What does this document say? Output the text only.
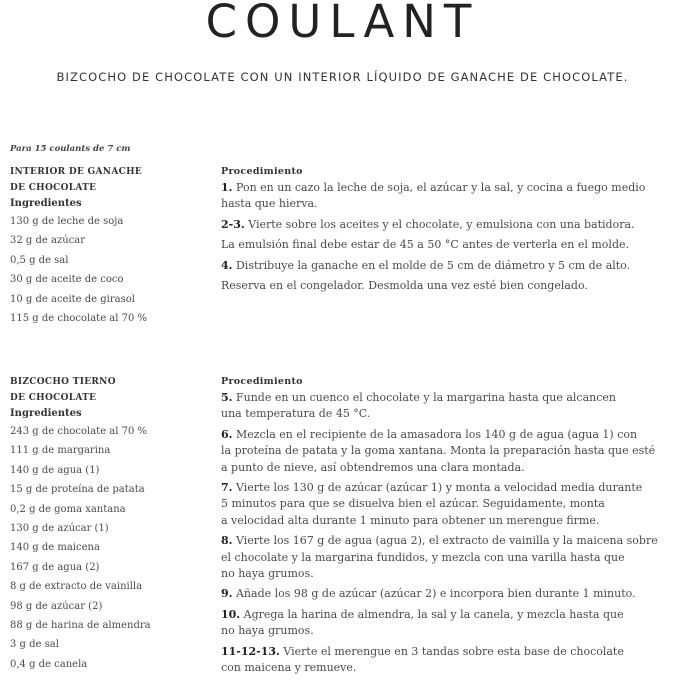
COULANT
BIZCOCHO DE CHOCOLATE CON UN INTERIOR LÍQUIDO DE GANACHE DE CHOCOLATE.
Para 15 coulants de 7 cm
INTERIOR DE GANACHE
DE CHOCOLATE
Ingredientes
130 g de leche de soja
32 g de azúcar
0,5 g de sal
30 g de aceite de coco
10 g de aceite de girasol
115 g de chocolate al 70 %
Procedimiento
1. Pon en un cazo la leche de soja, el azúcar y la sal, y cocina a fuego medio
hasta que hierva.
2-3. Vierte sobre los aceites y el chocolate, y emulsiona con una batidora.
La emulsión final debe estar de 45 a 50 °C antes de verterla en el molde.
4. Distribuye la ganache en el molde de 5 cm de diámetro y 5 cm de alto.
Reserva en el congelador. Desmolda una vez esté bien congelado.
BIZCOCHO TIERNO
DE CHOCOLATE
Ingredientes
243 g de chocolate al 70 %
111 g de margarina
140 g de agua (1)
15 g de proteína de patata
0,2 g de goma xantana
130 g de azúcar (1)
140 g de maicena
167 g de agua (2)
8 g de extracto de vainilla
98 g de azúcar (2)
88 g de harina de almendra
3 g de sal
0,4 g de canela
Procedimiento
5. Funde en un cuenco el chocolate y la margarina hasta que alcancen
una temperatura de 45 °C.
6. Mezcla en el recipiente de la amasadora los 140 g de agua (agua 1) con
la proteína de patata y la goma xantana. Monta la preparación hasta que esté
a punto de nieve, así obtendremos una clara montada.
7. Vierte los 130 g de azúcar (azúcar 1) y monta a velocidad media durante
5 minutos para que se disuelva bien el azúcar. Seguidamente, monta
a velocidad alta durante 1 minuto para obtener un merengue firme.
8. Vierte los 167 g de agua (agua 2), el extracto de vainilla y la maicena sobre
el chocolate y la margarina fundidos, y mezcla con una varilla hasta que
no haya grumos.
9. Añade los 98 g de azúcar (azúcar 2) e incorpora bien durante 1 minuto.
10. Agrega la harina de almendra, la sal y la canela, y mezcla hasta que
no haya grumos.
11-12-13. Vierte el merengue en 3 tandas sobre esta base de chocolate
con maicena y remueve.
